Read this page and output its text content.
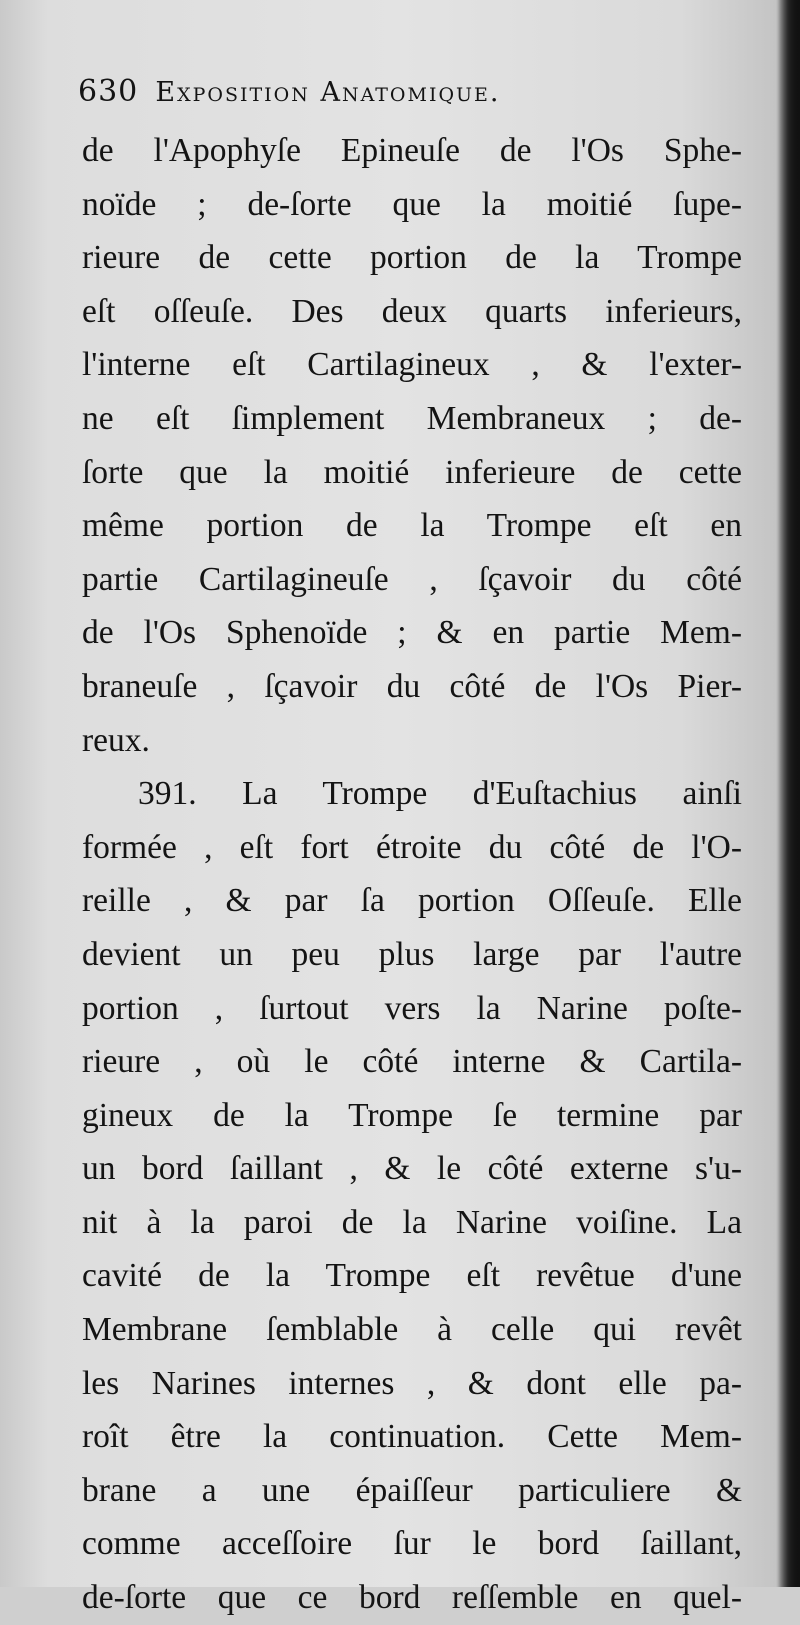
630 Exposition Anatomique.
de l'Apophyſe Epineuſe de l'Os Sphe-
noïde ; de-ſorte que la moitié ſupe-
rieure de cette portion de la Trompe
eſt oſſeuſe. Des deux quarts inferieurs,
l'interne eſt Cartilagineux , & l'exter-
ne eſt ſimplement Membraneux ; de-
ſorte que la moitié inferieure de cette
même portion de la Trompe eſt en
partie Cartilagineuſe , ſçavoir du côté
de l'Os Sphenoïde ; & en partie Mem-
braneuſe , ſçavoir du côté de l'Os Pier-
reux.
391. La Trompe d'Euſtachius ainſi
formée , eſt fort étroite du côté de l'O-
reille , & par ſa portion Oſſeuſe. Elle
devient un peu plus large par l'autre
portion , ſurtout vers la Narine poſte-
rieure , où le côté interne & Cartila-
gineux de la Trompe ſe termine par
un bord ſaillant , & le côté externe s'u-
nit à la paroi de la Narine voiſine. La
cavité de la Trompe eſt revêtue d'une
Membrane ſemblable à celle qui revêt
les Narines internes , & dont elle pa-
roît être la continuation. Cette Mem-
brane a une épaiſſeur particuliere &
comme acceſſoire ſur le bord ſaillant,
de-ſorte que ce bord reſſemble en quel-
